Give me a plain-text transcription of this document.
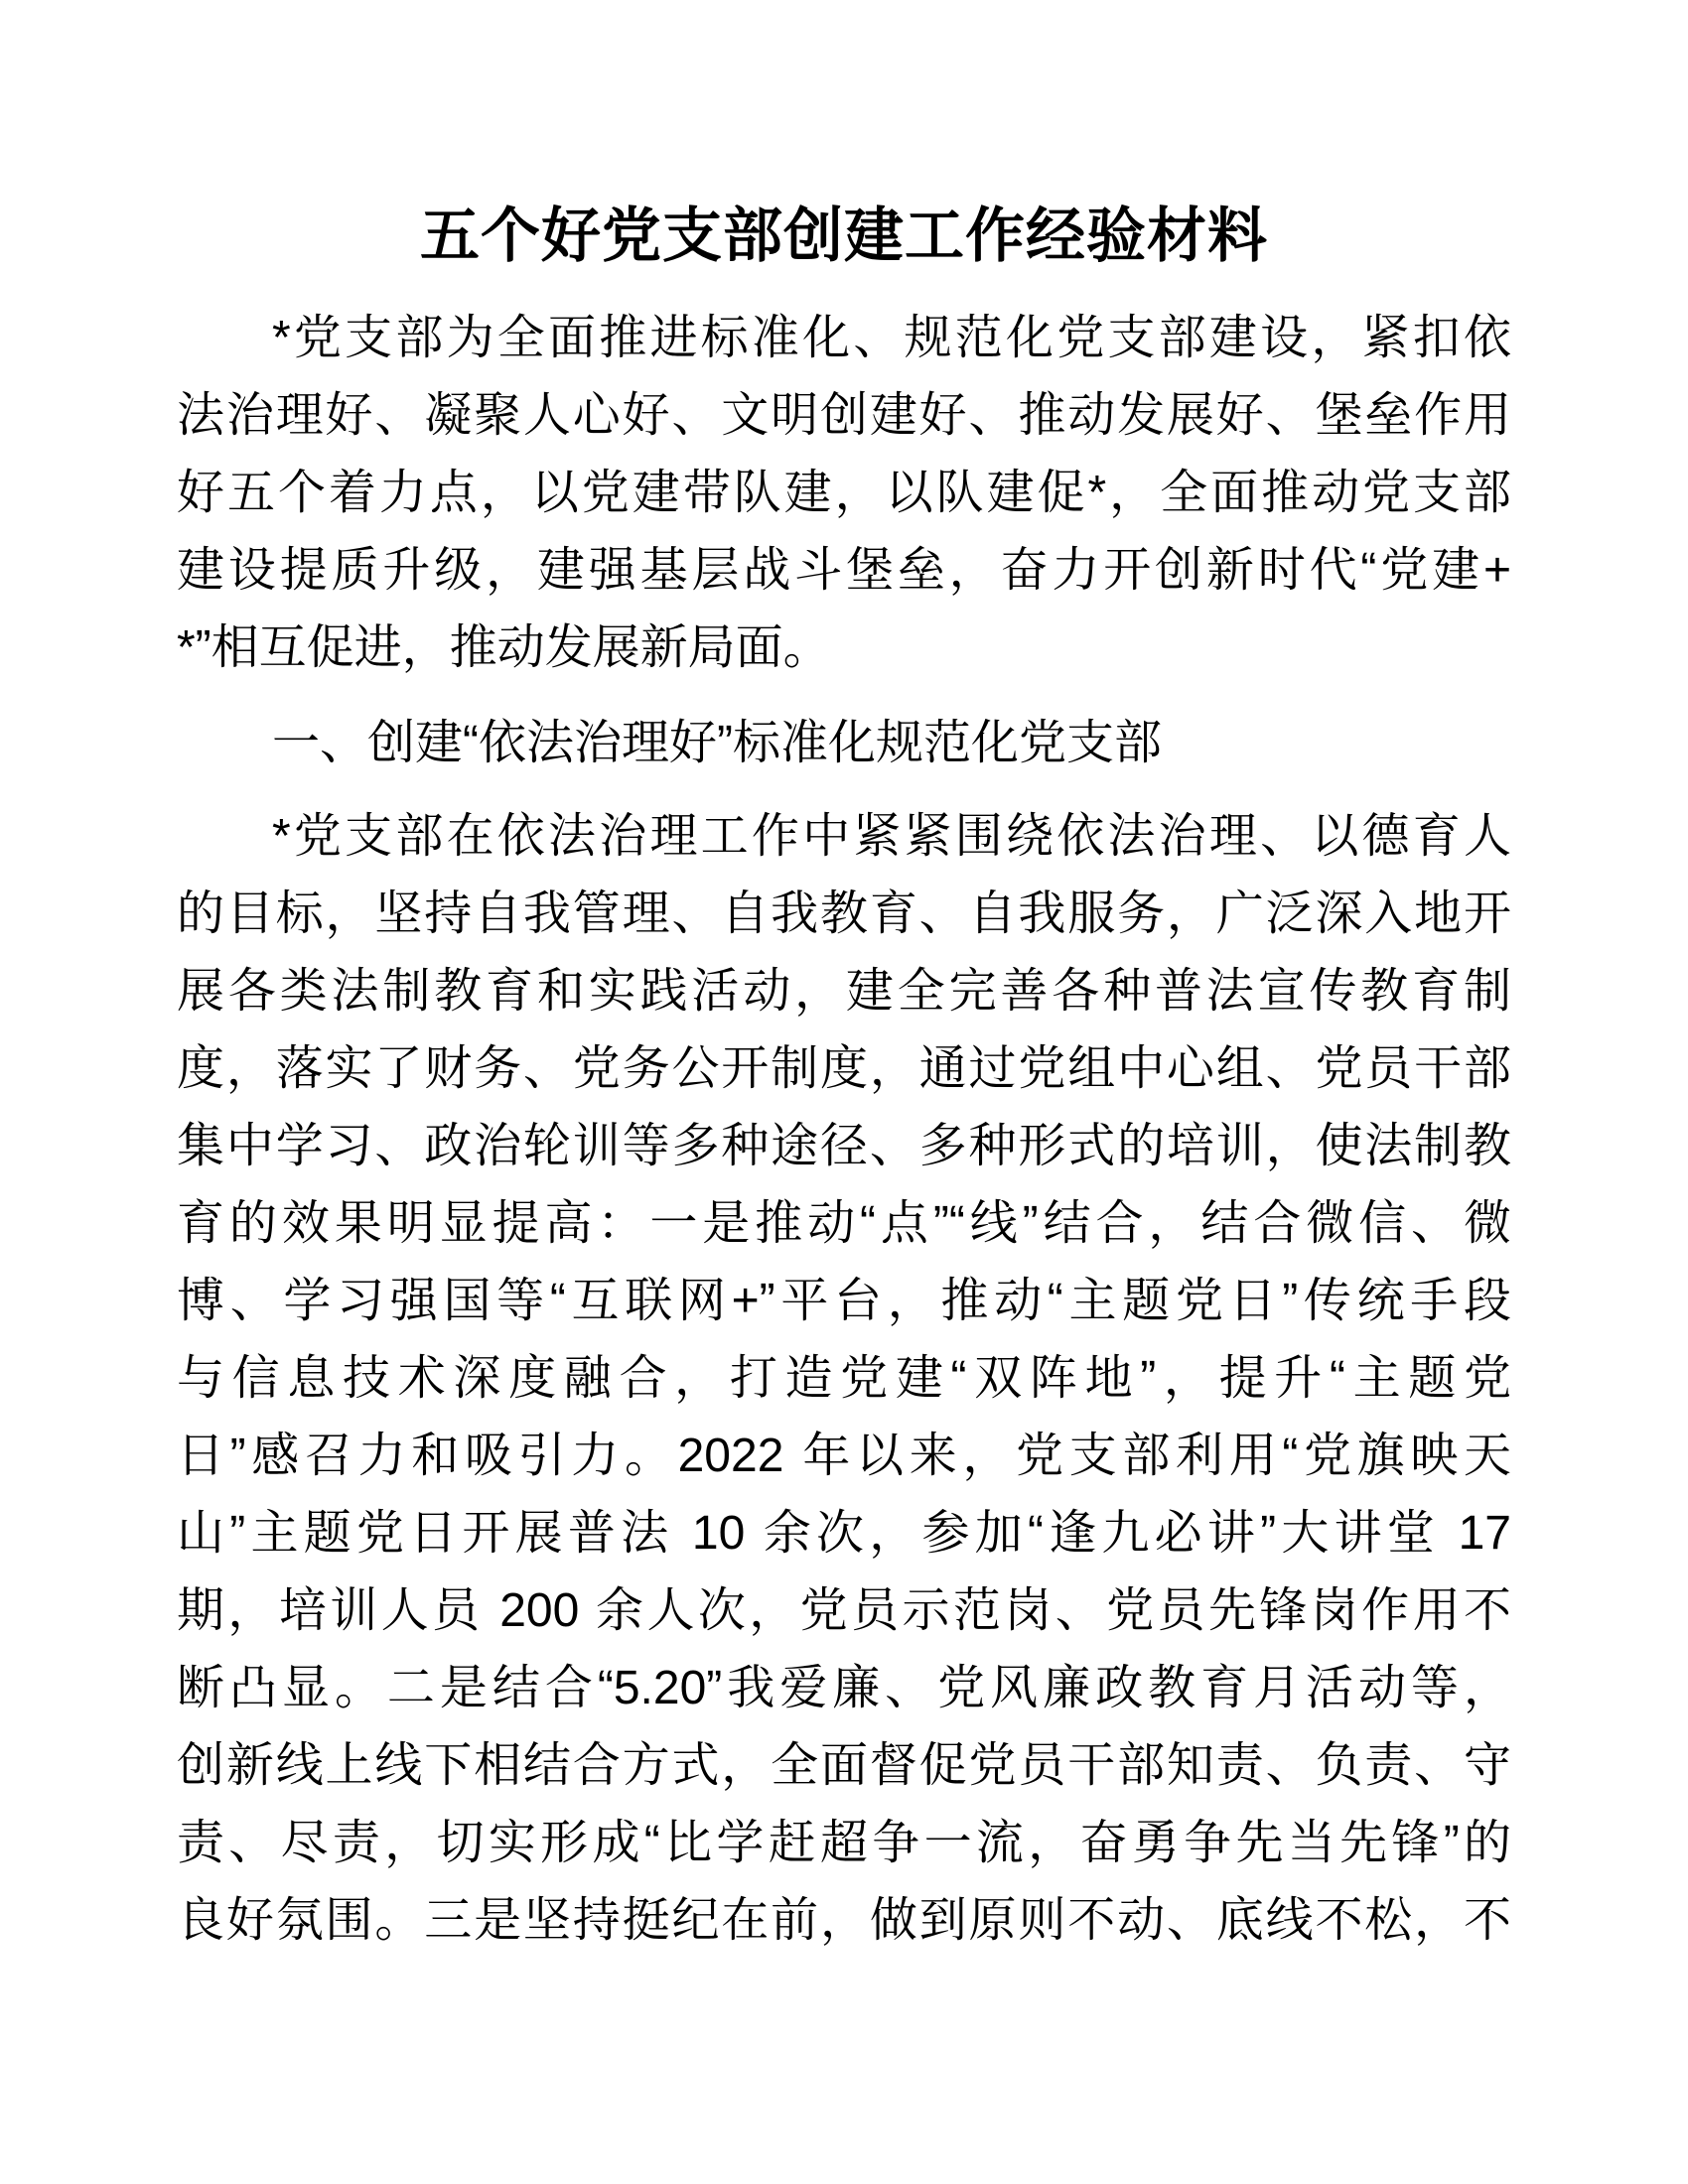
五个好党支部创建工作经验材料
*党支部为全面推进标准化、规范化党支部建设，紧扣依
法治理好、凝聚人心好、文明创建好、推动发展好、堡垒作用
好五个着力点，以党建带队建，以队建促*，全面推动党支部
建设提质升级，建强基层战斗堡垒，奋力开创新时代“党建+
*”相互促进，推动发展新局面。
一、创建“依法治理好”标准化规范化党支部
*党支部在依法治理工作中紧紧围绕依法治理、以德育人
的目标，坚持自我管理、自我教育、自我服务，广泛深入地开
展各类法制教育和实践活动，建全完善各种普法宣传教育制
度，落实了财务、党务公开制度，通过党组中心组、党员干部
集中学习、政治轮训等多种途径、多种形式的培训，使法制教
育的效果明显提高：一是推动“点”“线”结合，结合微信、微
博、学习强国等“互联网+”平台，推动“主题党日”传统手段
与信息技术深度融合，打造党建“双阵地”，提升“主题党
日”感召力和吸引力。2022 年以来，党支部利用“党旗映天
山”主题党日开展普法 10 余次，参加“逢九必讲”大讲堂 17
期，培训人员 200 余人次，党员示范岗、党员先锋岗作用不
断凸显。二是结合“5.20”我爱廉、党风廉政教育月活动等，
创新线上线下相结合方式，全面督促党员干部知责、负责、守
责、尽责，切实形成“比学赶超争一流，奋勇争先当先锋”的
良好氛围。三是坚持挺纪在前，做到原则不动、底线不松，不
